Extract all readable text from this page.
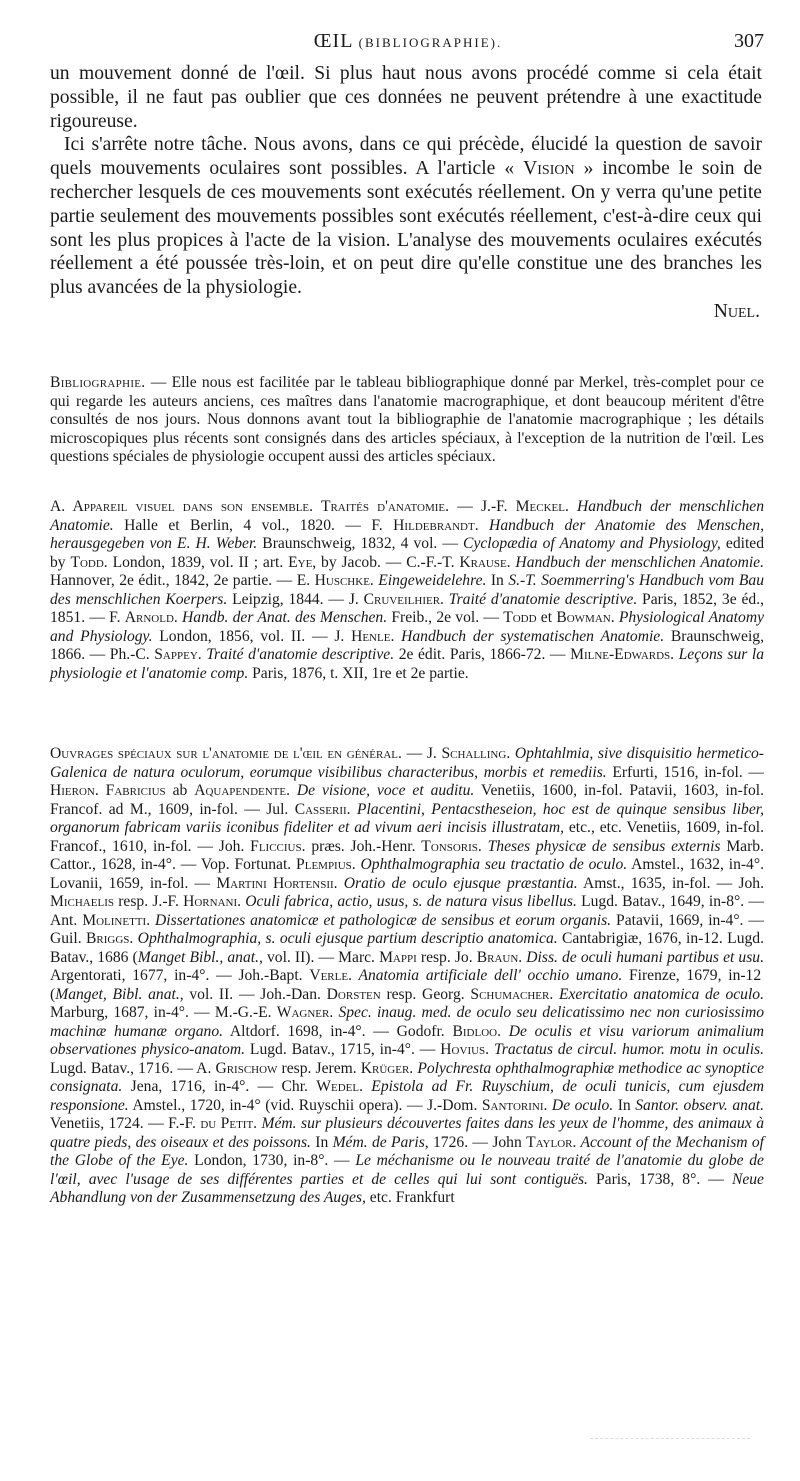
ŒIL (BIBLIOGRAPHIE).	307

un mouvement donné de l'œil. Si plus haut nous avons procédé comme si cela était possible, il ne faut pas oublier que ces données ne peuvent prétendre à une exactitude rigoureuse.

Ici s'arrête notre tâche. Nous avons, dans ce qui précède, élucidé la question de savoir quels mouvements oculaires sont possibles. A l'article « Vision » incombe le soin de rechercher lesquels de ces mouvements sont exécutés réellement. On y verra qu'une petite partie seulement des mouvements possibles sont exécutés réellement, c'est-à-dire ceux qui sont les plus propices à l'acte de la vision. L'analyse des mouvements oculaires exécutés réellement a été poussée très-loin, et on peut dire qu'elle constitue une des branches les plus avancées de la physiologie.

Nuel.

Bibliographie. — Elle nous est facilitée par le tableau bibliographique donné par Merkel, très-complet pour ce qui regarde les auteurs anciens, ces maîtres dans l'anatomie macrographique, et dont beaucoup méritent d'être consultés de nos jours. Nous donnons avant tout la bibliographie de l'anatomie macrographique ; les détails microscopiques plus récents sont consignés dans des articles spéciaux, à l'exception de la nutrition de l'œil. Les questions spéciales de physiologie occupent aussi des articles spéciaux.

A. Appareil visuel dans son ensemble. Traités d'anatomie. — J.-F. Meckel. Handbuch der menschlichen Anatomie. Halle et Berlin, 4 vol., 1820. — F. Hildebrandt. Handbuch der Anatomie des Menschen, herausgegeben von E. H. Weber. Braunschweig, 1832, 4 vol. — Cyclopædia of Anatomy and Physiology, edited by Todd. London, 1839, vol. II ; art. Eye, by Jacob. — C.-F.-T. Krause. Handbuch der menschlichen Anatomie. Hannover, 2e édit., 1842, 2e partie. — E. Huschke. Eingeweidelehre. In S.-T. Soemmerring's Handbuch vom Bau des menschlichen Koerpers. Leipzig, 1844. — J. Cruveilhier. Traité d'anatomie descriptive. Paris, 1852, 3e éd., 1851. — F. Arnold. Handb. der Anat. des Menschen. Freib., 2e vol. — Todd et Bowman. Physiological Anatomy and Physiology. London, 1856, vol. II. — J. Henle. Handbuch der systematischen Anatomie. Braunschweig, 1866. — Ph.-C. Sappey. Traité d'anatomie descriptive. 2e édit. Paris, 1866-72. — Milne-Edwards. Leçons sur la physiologie et l'anatomie comp. Paris, 1876, t. XII, 1re et 2e partie.

Ouvrages spéciaux sur l'anatomie de l'œil en général. — J. Schalling. Ophtahlmia, sive disquisitio hermetico-Galenica de natura oculorum, eorumque visibilibus characteribus, morbis et remediis. Erfurti, 1516, in-fol. — Hieron. Fabricius ab Aquapendente. De visione, voce et auditu. Venetiis, 1600, in-fol. Patavii, 1603, in-fol. Francof. ad M., 1609, in-fol. — Jul. Casserii. Placentini, Pentacstheseion, hoc est de quinque sensibus liber, organorum fabricam variis iconibus fideliter et ad vivum aeri incisis illustratam, etc., etc. Venetiis, 1609, in-fol. Francof., 1610, in-fol. — Joh. Fliccius. præs. Joh.-Henr. Tonsoris. Theses physicæ de sensibus externis Marb. Cattor., 1628, in-4°. — Vop. Fortunat. Plempius. Ophthalmographia seu tractatio de oculo. Amstel., 1632, in-4°. Lovanii, 1659, in-fol. — Martini Hortensii. Oratio de oculo ejusque præstantia. Amst., 1635, in-fol. — Joh. Michaelis resp. J.-F. Hornani. Oculi fabrica, actio, usus, s. de natura visus libellus. Lugd. Batav., 1649, in-8°. — Ant. Molinetti. Dissertationes anatomicæ et pathologicæ de sensibus et eorum organis. Patavii, 1669, in-4°. — Guil. Briggs. Ophthalmographia, s. oculi ejusque partium descriptio anatomica. Cantabrigiæ, 1676, in-12. Lugd. Batav., 1686 (Manget Bibl., anat., vol. II). — Marc. Mappi resp. Jo. Braun. Diss. de oculi humani partibus et usu. Argentorati, 1677, in-4°. — Joh.-Bapt. Verle. Anatomia artificiale dell' occhio umano. Firenze, 1679, in-12 (Manget, Bibl. anat., vol. II. — Joh.-Dan. Dorsten resp. Georg. Schumacher. Exercitatio anatomica de oculo. Marburg, 1687, in-4°. — M.-G.-E. Wagner. Spec. inaug. med. de oculo seu delicatissimo nec non curiosissimo machinæ humanæ organo. Altdorf. 1698, in-4°. — Godofr. Bidloo. De oculis et visu variorum animalium observationes physico-anatom. Lugd. Batav., 1715, in-4°. — Hovius. Tractatus de circul. humor. motu in oculis. Lugd. Batav., 1716. — A. Grischow resp. Jerem. Krüger. Polychresta ophthalmographiæ methodice ac synoptice consignata. Jena, 1716, in-4°. — Chr. Wedel. Epistola ad Fr. Ruyschium, de oculi tunicis, cum ejusdem responsione. Amstel., 1720, in-4° (vid. Ruyschii opera). — J.-Dom. Santorini. De oculo. In Santor. observ. anat. Venetiis, 1724. — F.-F. du Petit. Mém. sur plusieurs découvertes faites dans les yeux de l'homme, des animaux à quatre pieds, des oiseaux et des poissons. In Mém. de Paris, 1726. — John Taylor. Account of the Mechanism of the Globe of the Eye. London, 1730, in-8°. — Le méchanisme ou le nouveau traité de l'anatomie du globe de l'œil, avec l'usage de ses différentes parties et de celles qui lui sont contiguës. Paris, 1738, 8°. — Neue Abhandlung von der Zusammensetzung des Auges, etc. Frankfurt
